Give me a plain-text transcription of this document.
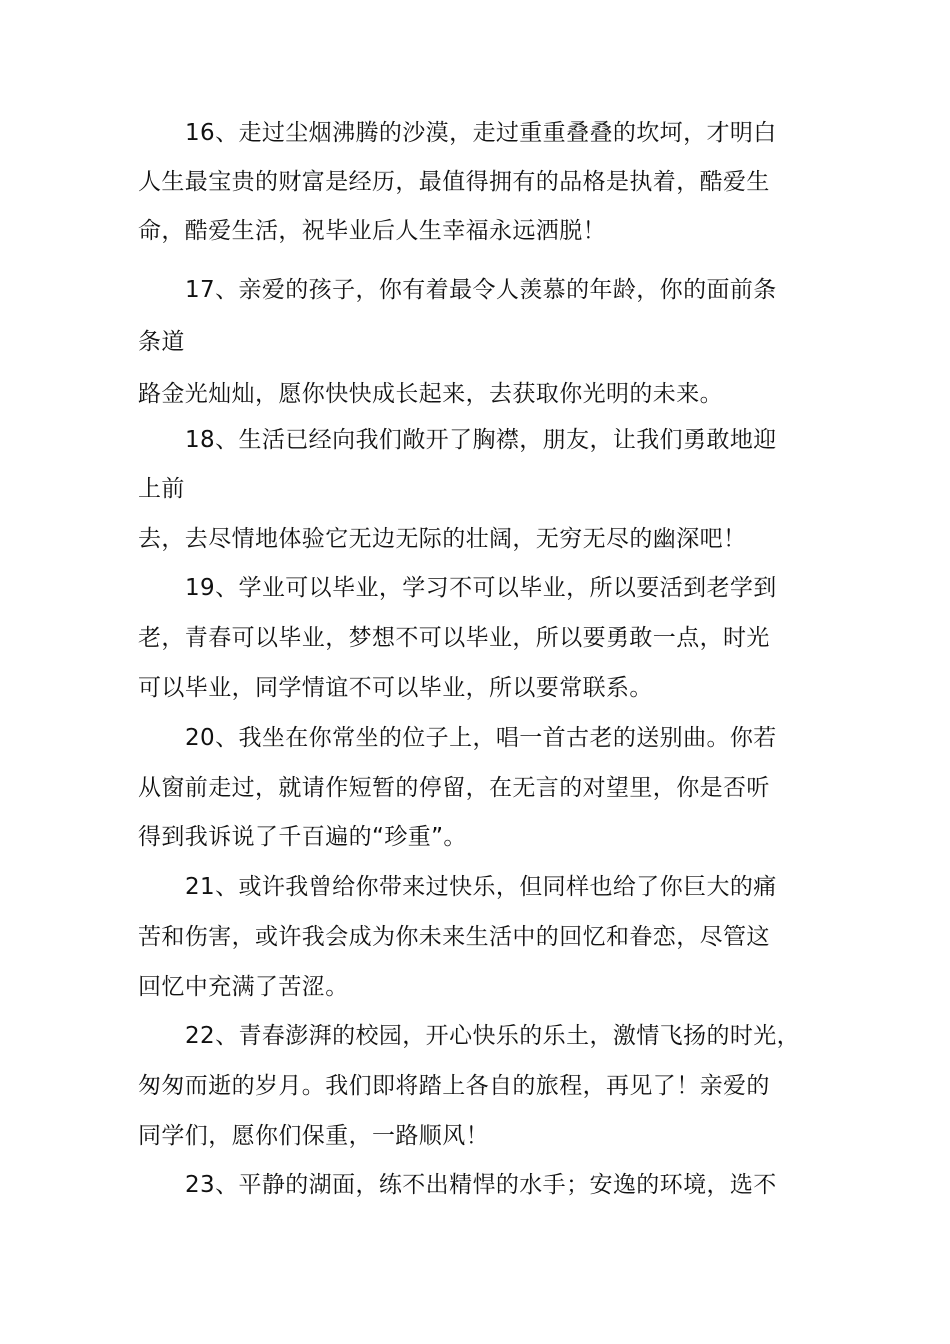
16、走过尘烟沸腾的沙漠，走过重重叠叠的坎坷，才明白
人生最宝贵的财富是经历，最值得拥有的品格是执着，酷爱生
命，酷爱生活，祝毕业后人生幸福永远洒脱！
17、亲爱的孩子，你有着最令人羡慕的年龄，你的面前条
条道
路金光灿灿，愿你快快成长起来，去获取你光明的未来。
18、生活已经向我们敞开了胸襟，朋友，让我们勇敢地迎
上前
去，去尽情地体验它无边无际的壮阔，无穷无尽的幽深吧！
19、学业可以毕业，学习不可以毕业，所以要活到老学到
老，青春可以毕业，梦想不可以毕业，所以要勇敢一点，时光
可以毕业，同学情谊不可以毕业，所以要常联系。
20、我坐在你常坐的位子上，唱一首古老的送别曲。你若
从窗前走过，就请作短暂的停留，在无言的对望里，你是否听
得到我诉说了千百遍的“珍重”。
21、或许我曾给你带来过快乐，但同样也给了你巨大的痛
苦和伤害，或许我会成为你未来生活中的回忆和眷恋，尽管这
回忆中充满了苦涩。
22、青春澎湃的校园，开心快乐的乐土，激情飞扬的时光，
匆匆而逝的岁月。我们即将踏上各自的旅程，再见了！亲爱的
同学们，愿你们保重，一路顺风！
23、平静的湖面，练不出精悍的水手；安逸的环境，选不
